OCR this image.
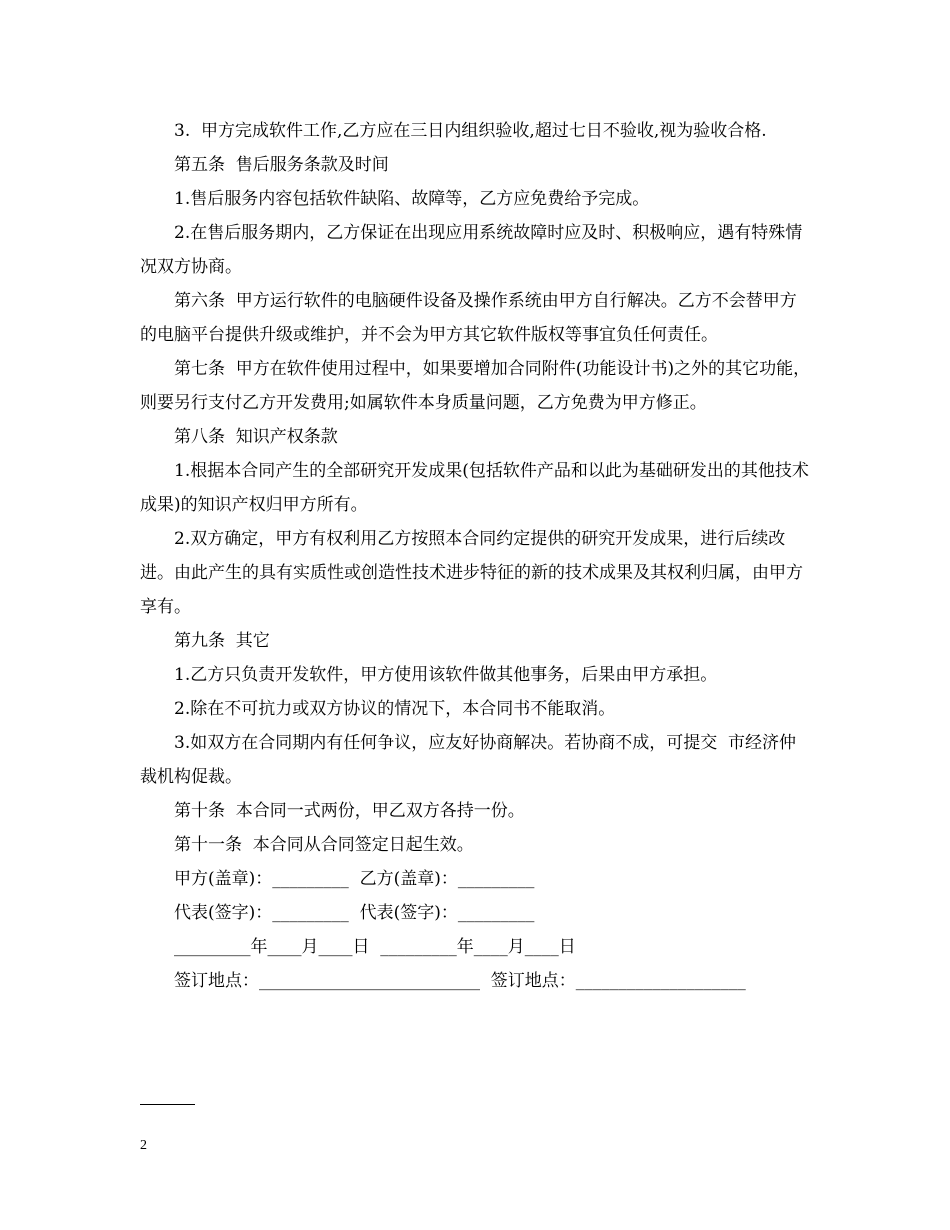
3.  甲方完成软件工作,乙方应在三日内组织验收,超过七日不验收,视为验收合格.

第五条  售后服务条款及时间

1.售后服务内容包括软件缺陷、故障等，乙方应免费给予完成。

2.在售后服务期内，乙方保证在出现应用系统故障时应及时、积极响应，遇有特殊情况双方协商。

第六条  甲方运行软件的电脑硬件设备及操作系统由甲方自行解决。乙方不会替甲方的电脑平台提供升级或维护，并不会为甲方其它软件版权等事宜负任何责任。

第七条  甲方在软件使用过程中，如果要增加合同附件(功能设计书)之外的其它功能，则要另行支付乙方开发费用;如属软件本身质量问题，乙方免费为甲方修正。

第八条  知识产权条款

1.根据本合同产生的全部研究开发成果(包括软件产品和以此为基础研发出的其他技术成果)的知识产权归甲方所有。

2.双方确定，甲方有权利用乙方按照本合同约定提供的研究开发成果，进行后续改进。由此产生的具有实质性或创造性技术进步特征的新的技术成果及其权利归属，由甲方享有。

第九条  其它

1.乙方只负责开发软件，甲方使用该软件做其他事务，后果由甲方承担。

2.除在不可抗力或双方协议的情况下，本合同书不能取消。

3.如双方在合同期内有任何争议，应友好协商解决。若协商不成，可提交  市经济仲裁机构促裁。

第十条  本合同一式两份，甲乙双方各持一份。

第十一条  本合同从合同签定日起生效。

甲方(盖章)：_________  乙方(盖章)：_________

代表(签字)：_________  代表(签字)：_________

_________年____月____日  _________年____月____日

签订地点：__________________________  签订地点：____________________

2
